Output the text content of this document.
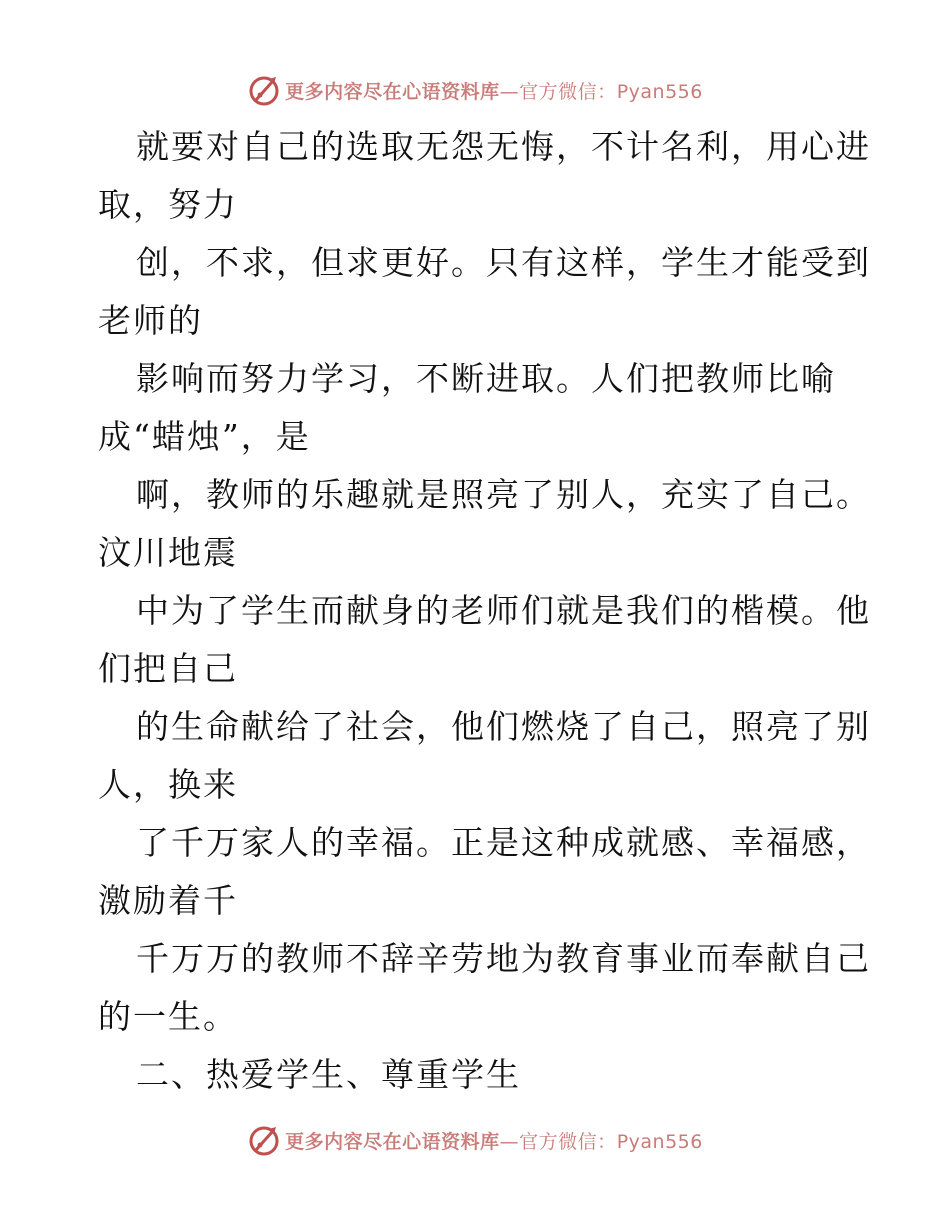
更多内容尽在心语资料库—官方微信：Pyan556
就要对自己的选取无怨无悔，不计名利，用心进
取，努力
创，不求，但求更好。只有这样，学生才能受到
老师的
影响而努力学习，不断进取。人们把教师比喻
成“蜡烛”，是
啊，教师的乐趣就是照亮了别人，充实了自己。
汶川地震
中为了学生而献身的老师们就是我们的楷模。他
们把自己
的生命献给了社会，他们燃烧了自己，照亮了别
人，换来
了千万家人的幸福。正是这种成就感、幸福感，
激励着千
千万万的教师不辞辛劳地为教育事业而奉献自己
的一生。
二、热爱学生、尊重学生
更多内容尽在心语资料库—官方微信：Pyan556
